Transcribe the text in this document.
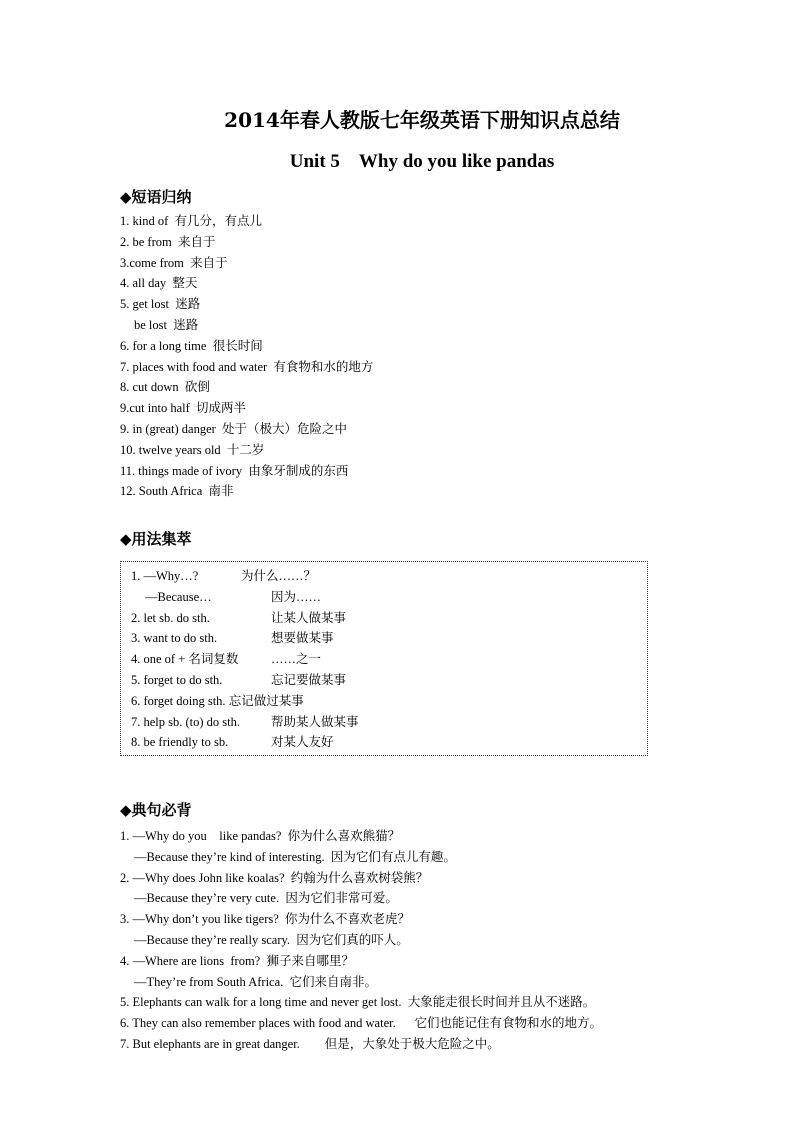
2014年春人教版七年级英语下册知识点总结
Unit 5　Why do you like pandas
◆短语归纳
1. kind of  有几分，有点儿
2. be from  来自于
3.come from  来自于
4. all day  整天
5. get lost  迷路
be lost  迷路
6. for a long time  很长时间
7. places with food and water  有食物和水的地方
8. cut down  砍倒
9.cut into half  切成两半
9. in (great) danger  处于（极大）危险之中
10. twelve years old  十二岁
11. things made of ivory  由象牙制成的东西
12. South Africa  南非
◆用法集萃
1. —Why…?	为什么……？
—Because…	因为……
2. let sb. do sth.	让某人做某事
3. want to do sth.	想要做某事
4. one of + 名词复数	……之一
5. forget to do sth.	忘记要做某事
6. forget doing sth. 忘记做过某事
7. help sb. (to) do sth. 帮助某人做某事
8. be friendly to sb.	对某人友好
◆典句必背
1. —Why do you    like pandas?  你为什么喜欢熊猫？
—Because they’re kind of interesting.  因为它们有点儿有趣。
2. —Why does John like koalas?  约翰为什么喜欢树袋熊？
—Because they’re very cute.  因为它们非常可爱。
3. —Why don’t you like tigers?  你为什么不喜欢老虎？
—Because they’re really scary.  因为它们真的吓人。
4. —Where are lions  from?  狮子来自哪里？
—They’re from South Africa.  它们来自南非。
5. Elephants can walk for a long time and never get lost.  大象能走很长时间并且从不迷路。
6. They can also remember places with food and water.      它们也能记住有食物和水的地方。
7. But elephants are in great danger.        但是，大象处于极大危险之中。
